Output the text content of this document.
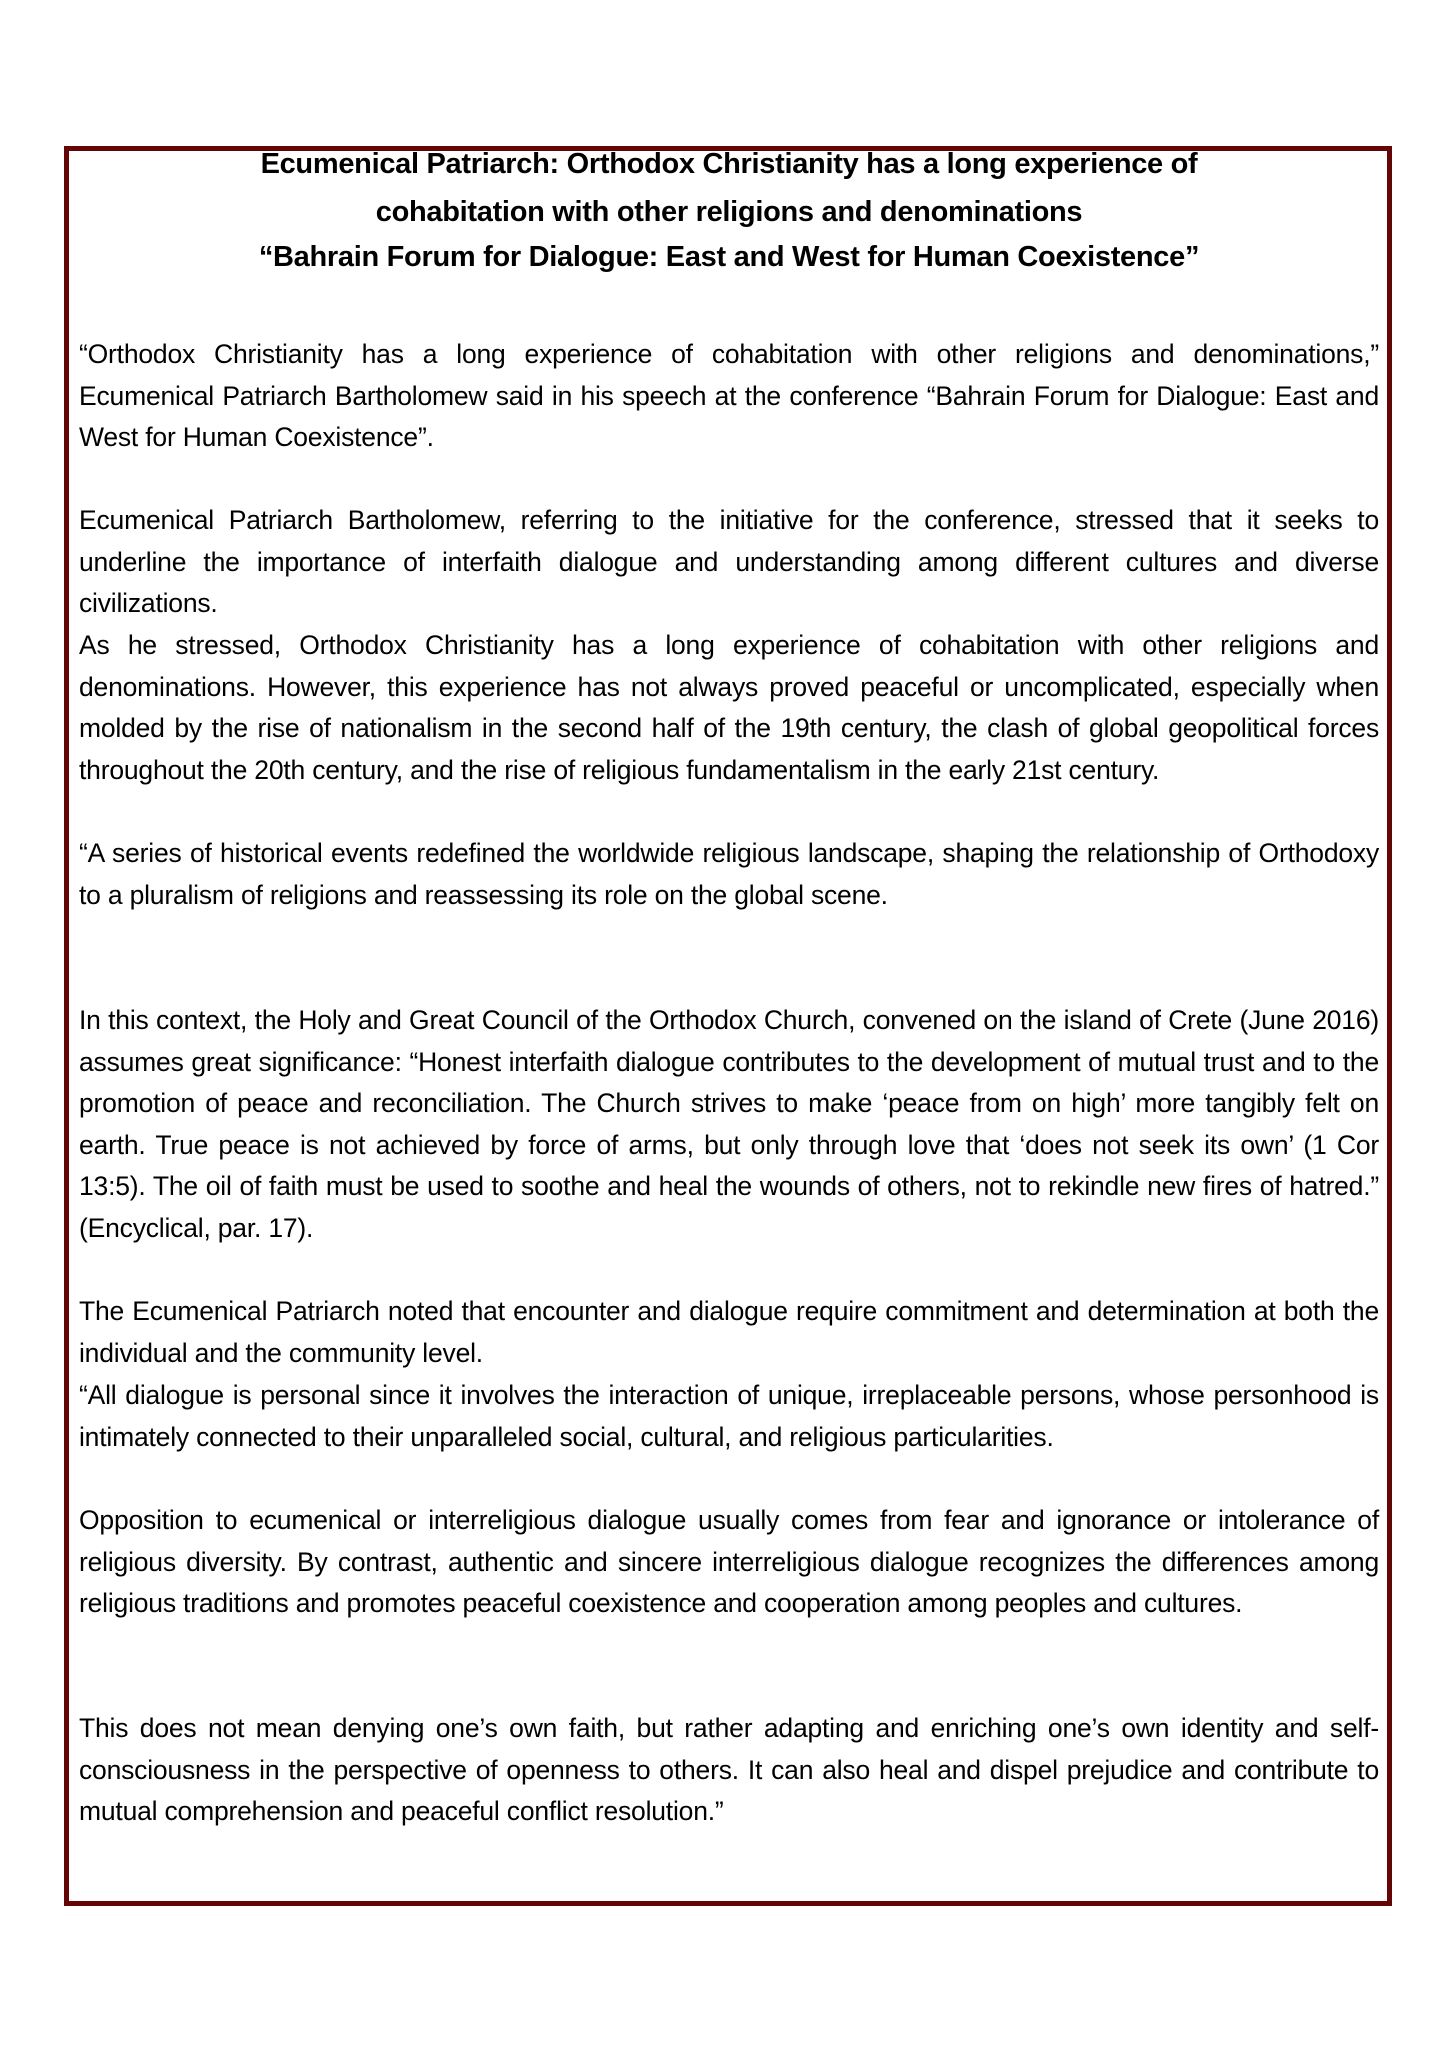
Ecumenical Patriarch: Orthodox Christianity has a long experience of
cohabitation with other religions and denominations
“Bahrain Forum for Dialogue: East and West for Human Coexistence”

“Orthodox Christianity has a long experience of cohabitation with other religions and denominations,” Ecumenical Patriarch Bartholomew said in his speech at the conference “Bahrain Forum for Dialogue: East and West for Human Coexistence”.

Ecumenical Patriarch Bartholomew, referring to the initiative for the conference, stressed that it seeks to underline the importance of interfaith dialogue and understanding among different cultures and diverse civilizations.

As he stressed, Orthodox Christianity has a long experience of cohabitation with other religions and denominations. However, this experience has not always proved peaceful or uncomplicated, especially when molded by the rise of nationalism in the second half of the 19th century, the clash of global geopolitical forces throughout the 20th century, and the rise of religious fundamentalism in the early 21st century.

“A series of historical events redefined the worldwide religious landscape, shaping the relationship of Orthodoxy to a pluralism of religions and reassessing its role on the global scene.

In this context, the Holy and Great Council of the Orthodox Church, convened on the island of Crete (June 2016) assumes great significance: “Honest interfaith dialogue contributes to the development of mutual trust and to the promotion of peace and reconciliation. The Church strives to make ‘peace from on high’ more tangibly felt on earth. True peace is not achieved by force of arms, but only through love that ‘does not seek its own’ (1 Cor 13:5). The oil of faith must be used to soothe and heal the wounds of others, not to rekindle new fires of hatred.” (Encyclical, par. 17).

The Ecumenical Patriarch noted that encounter and dialogue require commitment and determination at both the individual and the community level.

“All dialogue is personal since it involves the interaction of unique, irreplaceable persons, whose personhood is intimately connected to their unparalleled social, cultural, and religious particularities.

Opposition to ecumenical or interreligious dialogue usually comes from fear and ignorance or intolerance of religious diversity. By contrast, authentic and sincere interreligious dialogue recognizes the differences among religious traditions and promotes peaceful coexistence and cooperation among peoples and cultures.

This does not mean denying one’s own faith, but rather adapting and enriching one’s own identity and self-consciousness in the perspective of openness to others. It can also heal and dispel prejudice and contribute to mutual comprehension and peaceful conflict resolution.”
